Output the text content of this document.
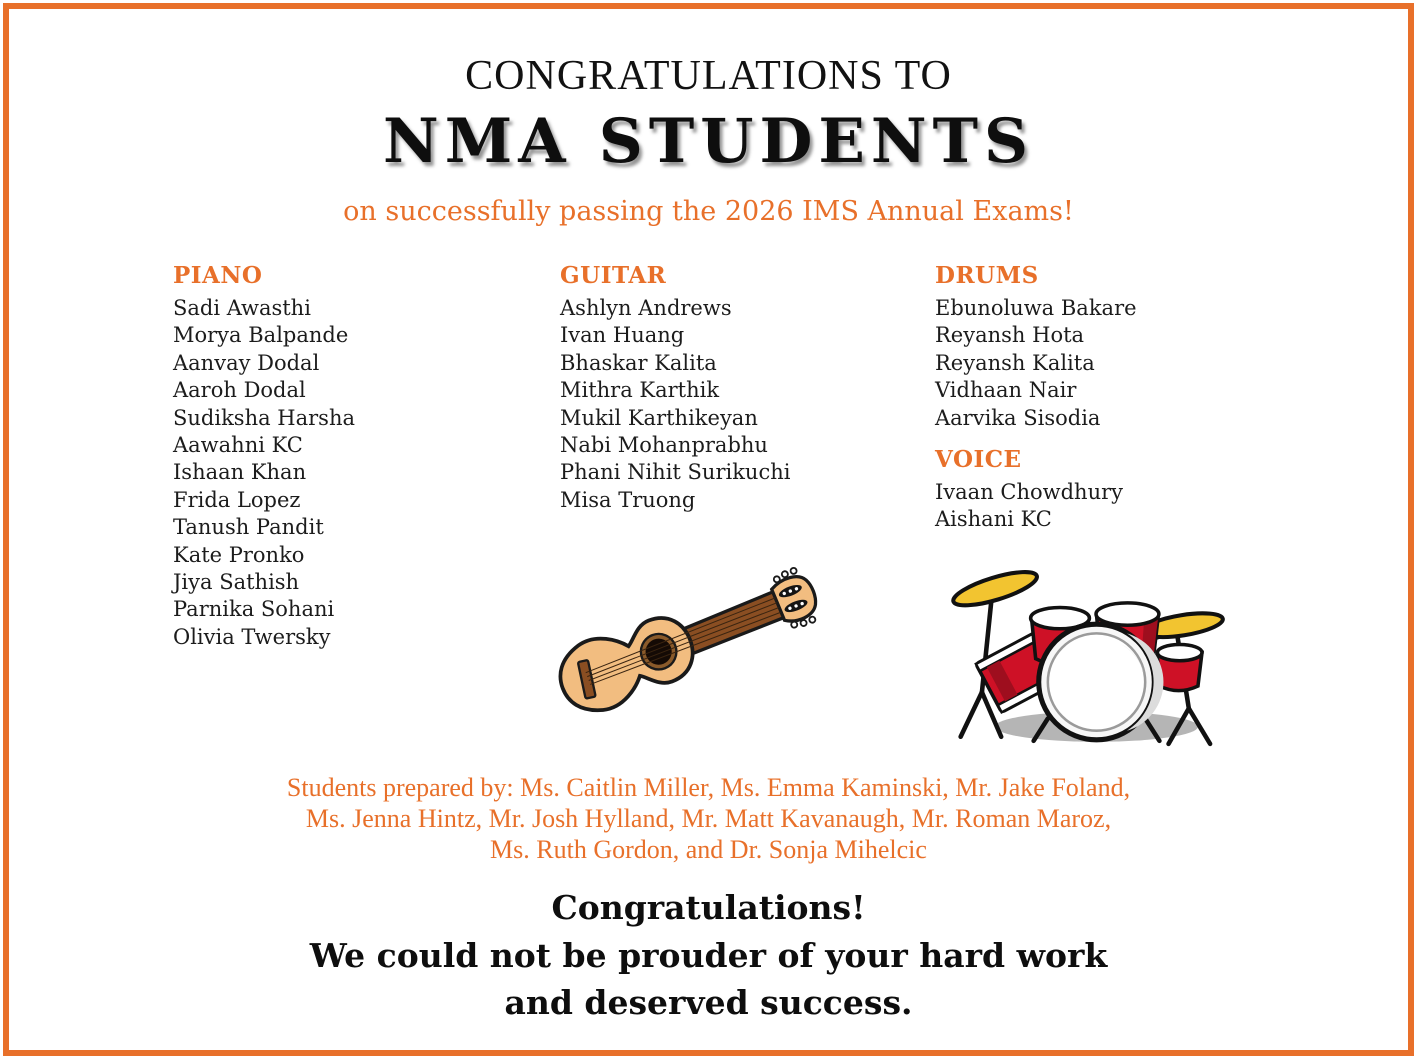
CONGRATULATIONS TO
NMA STUDENTS
on successfully passing the 2026 IMS Annual Exams!
PIANO
Sadi Awasthi
Morya Balpande
Aanvay Dodal
Aaroh Dodal
Sudiksha Harsha
Aawahni KC
Ishaan Khan
Frida Lopez
Tanush Pandit
Kate Pronko
Jiya Sathish
Parnika Sohani
Olivia Twersky
GUITAR
Ashlyn Andrews
Ivan Huang
Bhaskar Kalita
Mithra Karthik
Mukil Karthikeyan
Nabi Mohanprabhu
Phani Nihit Surikuchi
Misa Truong
DRUMS
Ebunoluwa Bakare
Reyansh Hota
Reyansh Kalita
Vidhaan Nair
Aarvika Sisodia
VOICE
Ivaan Chowdhury
Aishani KC
Students prepared by: Ms. Caitlin Miller, Ms. Emma Kaminski, Mr. Jake Foland,
Ms. Jenna Hintz, Mr. Josh Hylland, Mr. Matt Kavanaugh, Mr. Roman Maroz,
Ms. Ruth Gordon, and Dr. Sonja Mihelcic
Congratulations!
We could not be prouder of your hard work
and deserved success.
